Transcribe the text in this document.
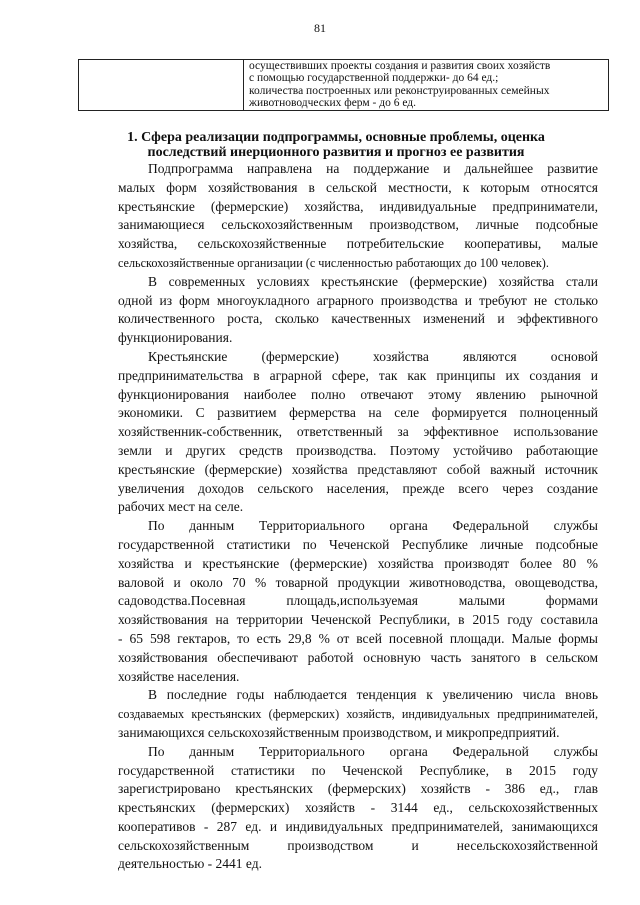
81

осуществивших проекты создания и развития своих хозяйств
с помощью государственной поддержки- до 64 ед.;
количества построенных или реконструированных семейных
животноводческих ферм - до 6 ед.
1. Сфера реализации подпрограммы, основные проблемы, оценка
последствий инерционного развития и прогноз ее развития
Подпрограмма направлена на поддержание и дальнейшее развитие
малых форм хозяйствования в сельской местности, к которым относятся
крестьянские (фермерские) хозяйства, индивидуальные предприниматели,
занимающиеся сельскохозяйственным производством, личные подсобные
хозяйства, сельскохозяйственные потребительские кооперативы, малые
сельскохозяйственные организации (с численностью работающих до 100 человек).
В современных условиях крестьянские (фермерские) хозяйства стали
одной из форм многоукладного аграрного производства и требуют не столько
количественного роста, сколько качественных изменений и эффективного
функционирования.
Крестьянские (фермерские) хозяйства являются основой
предпринимательства в аграрной сфере, так как принципы их создания и
функционирования наиболее полно отвечают этому явлению рыночной
экономики. С развитием фермерства на селе формируется полноценный
хозяйственник-собственник, ответственный за эффективное использование
земли и других средств производства. Поэтому устойчиво работающие
крестьянские (фермерские) хозяйства представляют собой важный источник
увеличения доходов сельского населения, прежде всего через создание
рабочих мест на селе.
По данным Территориального органа Федеральной службы
государственной статистики по Чеченской Республике личные подсобные
хозяйства и крестьянские (фермерские) хозяйства производят более 80 %
валовой и около 70 % товарной продукции животноводства, овощеводства,
садоводства.Посевная площадь,используемая малыми формами
хозяйствования на территории Чеченской Республики, в 2015 году составила
- 65 598 гектаров, то есть 29,8 % от всей посевной площади. Малые формы
хозяйствования обеспечивают работой основную часть занятого в сельском
хозяйстве населения.
В последние годы наблюдается тенденция к увеличению числа вновь
создаваемых крестьянских (фермерских) хозяйств, индивидуальных предпринимателей,
занимающихся сельскохозяйственным производством, и микропредприятий.
По данным Территориального органа Федеральной службы
государственной статистики по Чеченской Республике, в 2015 году
зарегистрировано крестьянских (фермерских) хозяйств - 386 ед., глав
крестьянских (фермерских) хозяйств - 3144 ед., сельскохозяйственных
кооперативов - 287 ед. и индивидуальных предпринимателей, занимающихся
сельскохозяйственным производством и несельскохозяйственной
деятельностью - 2441 ед.
